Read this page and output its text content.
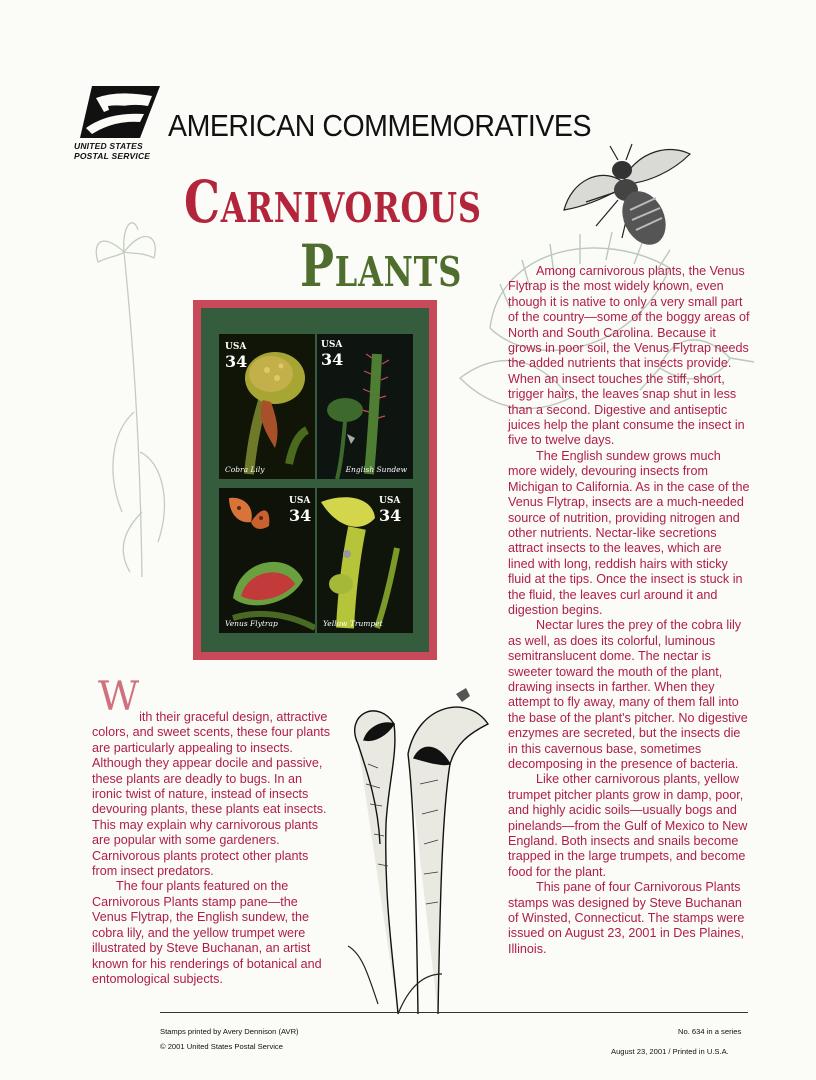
UNITED STATES
POSTAL SERVICE
AMERICAN COMMEMORATIVES
Carnivorous
Plants
USA
34
Cobra Lily
34
USA
English Sundew
USA
34
Venus Flytrap
USA
34
Yellow Trumpet

Among carnivorous plants, the Venus Flytrap is the most widely known, even though it is native to only a very small part of the country—some of the boggy areas of North and South Carolina. Because it grows in poor soil, the Venus Flytrap needs the added nutrients that insects provide. When an insect touches the stiff, short, trigger hairs, the leaves snap shut in less than a second. Digestive and antiseptic juices help the plant consume the insect in five to twelve days.

The English sundew grows much more widely, devouring insects from Michigan to California. As in the case of the Venus Flytrap, insects are a much-needed source of nutrition, providing nitrogen and other nutrients. Nectar-like secretions attract insects to the leaves, which are lined with long, reddish hairs with sticky fluid at the tips. Once the insect is stuck in the fluid, the leaves curl around it and digestion begins.

Nectar lures the prey of the cobra lily as well, as does its colorful, luminous semitranslucent dome. The nectar is sweeter toward the mouth of the plant, drawing insects in farther. When they attempt to fly away, many of them fall into the base of the plant's pitcher. No digestive enzymes are secreted, but the insects die in this cavernous base, sometimes decomposing in the presence of bacteria.

Like other carnivorous plants, yellow trumpet pitcher plants grow in damp, poor, and highly acidic soils—usually bogs and pinelands—from the Gulf of Mexico to New England. Both insects and snails become trapped in the large trumpets, and become food for the plant.

This pane of four Carnivorous Plants stamps was designed by Steve Buchanan of Winsted, Connecticut. The stamps were issued on August 23, 2001 in Des Plaines, Illinois.

With their graceful design, attractive colors, and sweet scents, these four plants are particularly appealing to insects. Although they appear docile and passive, these plants are deadly to bugs. In an ironic twist of nature, instead of insects devouring plants, these plants eat insects. This may explain why carnivorous plants are popular with some gardeners. Carnivorous plants protect other plants from insect predators.

The four plants featured on the Carnivorous Plants stamp pane—the Venus Flytrap, the English sundew, the cobra lily, and the yellow trumpet were illustrated by Steve Buchanan, an artist known for his renderings of botanical and entomological subjects.

Stamps printed by Avery Dennison (AVR)
© 2001 United States Postal Service
No. 634 in a series
August 23, 2001 / Printed in U.S.A.
